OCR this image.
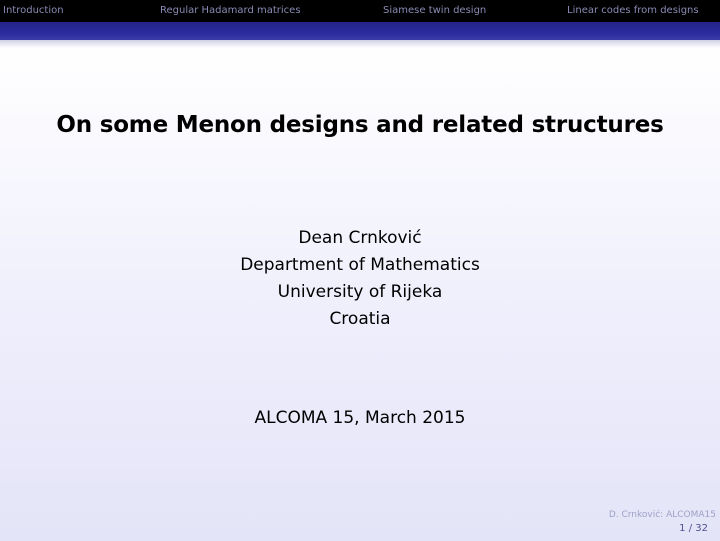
Introduction	Regular Hadamard matrices	Siamese twin design	Linear codes from designs
On some Menon designs and related structures
Dean Crnković
Department of Mathematics
University of Rijeka
Croatia
ALCOMA 15, March 2015
D. Crnković: ALCOMA15
1 / 32
